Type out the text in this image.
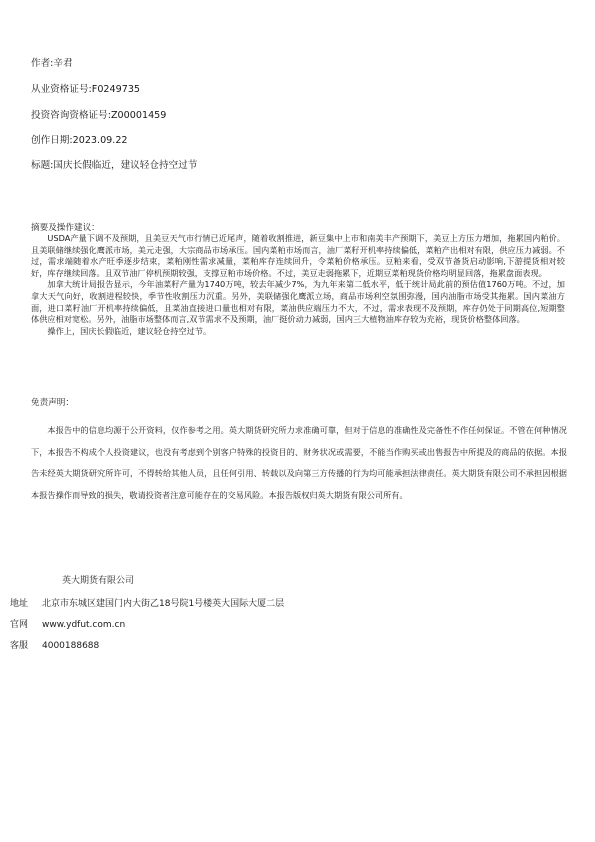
作者:辛君
从业资格证号:F0249735
投资咨询资格证号:Z00001459
创作日期:2023.09.22
标题:国庆长假临近，建议轻仓持空过节
摘要及操作建议：

USDA产量下调不及预期，且美豆天气市行情已近尾声，随着收割推进，新豆集中上市和南美丰产预期下，美豆上方压力增加，拖累国内粕价。且美联储继续强化鹰派市场，美元走强，大宗商品市场承压。国内菜粕市场而言，油厂菜籽开机率持续偏低，菜粕产出相对有限，供应压力减弱。不过，需求端随着水产旺季逐步结束，菜粕刚性需求减量，菜粕库存连续回升，令菜粕价格承压。豆粕来看，受双节备货启动影响,下游提货相对较好，库存继续回落。且双节油厂停机预期较强，支撑豆粕市场价格。不过，美豆走弱拖累下，近期豆菜粕现货价格均明显回落，拖累盘面表现。

加拿大统计局报告显示，今年油菜籽产量为1740万吨，较去年减少7%，为九年来第二低水平，低于统计局此前的预估值1760万吨。不过，加拿大天气向好，收割进程较快，季节性收割压力沉重。另外，美联储强化鹰派立场，商品市场利空氛围弥漫，国内油脂市场受其拖累。国内菜油方面，进口菜籽油厂开机率持续偏低，且菜油直接进口量也相对有限，菜油供应端压力不大，不过，需求表现不及预期，库存仍处于同期高位,短期整体供应相对宽松。另外，油脂市场整体而言,双节需求不及预期，油厂挺价动力减弱，国内三大植物油库存较为充裕，现货价格整体回落。

操作上，国庆长假临近，建议轻仓持空过节。

免责声明：

本报告中的信息均源于公开资料，仅作参考之用。英大期货研究所力求准确可靠，但对于信息的准确性及完备性不作任何保证。不管在何种情况下，本报告不构成个人投资建议，也没有考虑到个别客户特殊的投资目的、财务状况或需要，不能当作购买或出售报告中所提及的商品的依据。本报告未经英大期货研究所许可，不得转给其他人员，且任何引用、转载以及向第三方传播的行为均可能承担法律责任。英大期货有限公司不承担因根据本报告操作而导致的损失，敬请投资者注意可能存在的交易风险。本报告版权归英大期货有限公司所有。

英大期货有限公司
地址 北京市东城区建国门内大街乙18号院1号楼英大国际大厦二层
官网 www.ydfut.com.cn
客服 4000188688
